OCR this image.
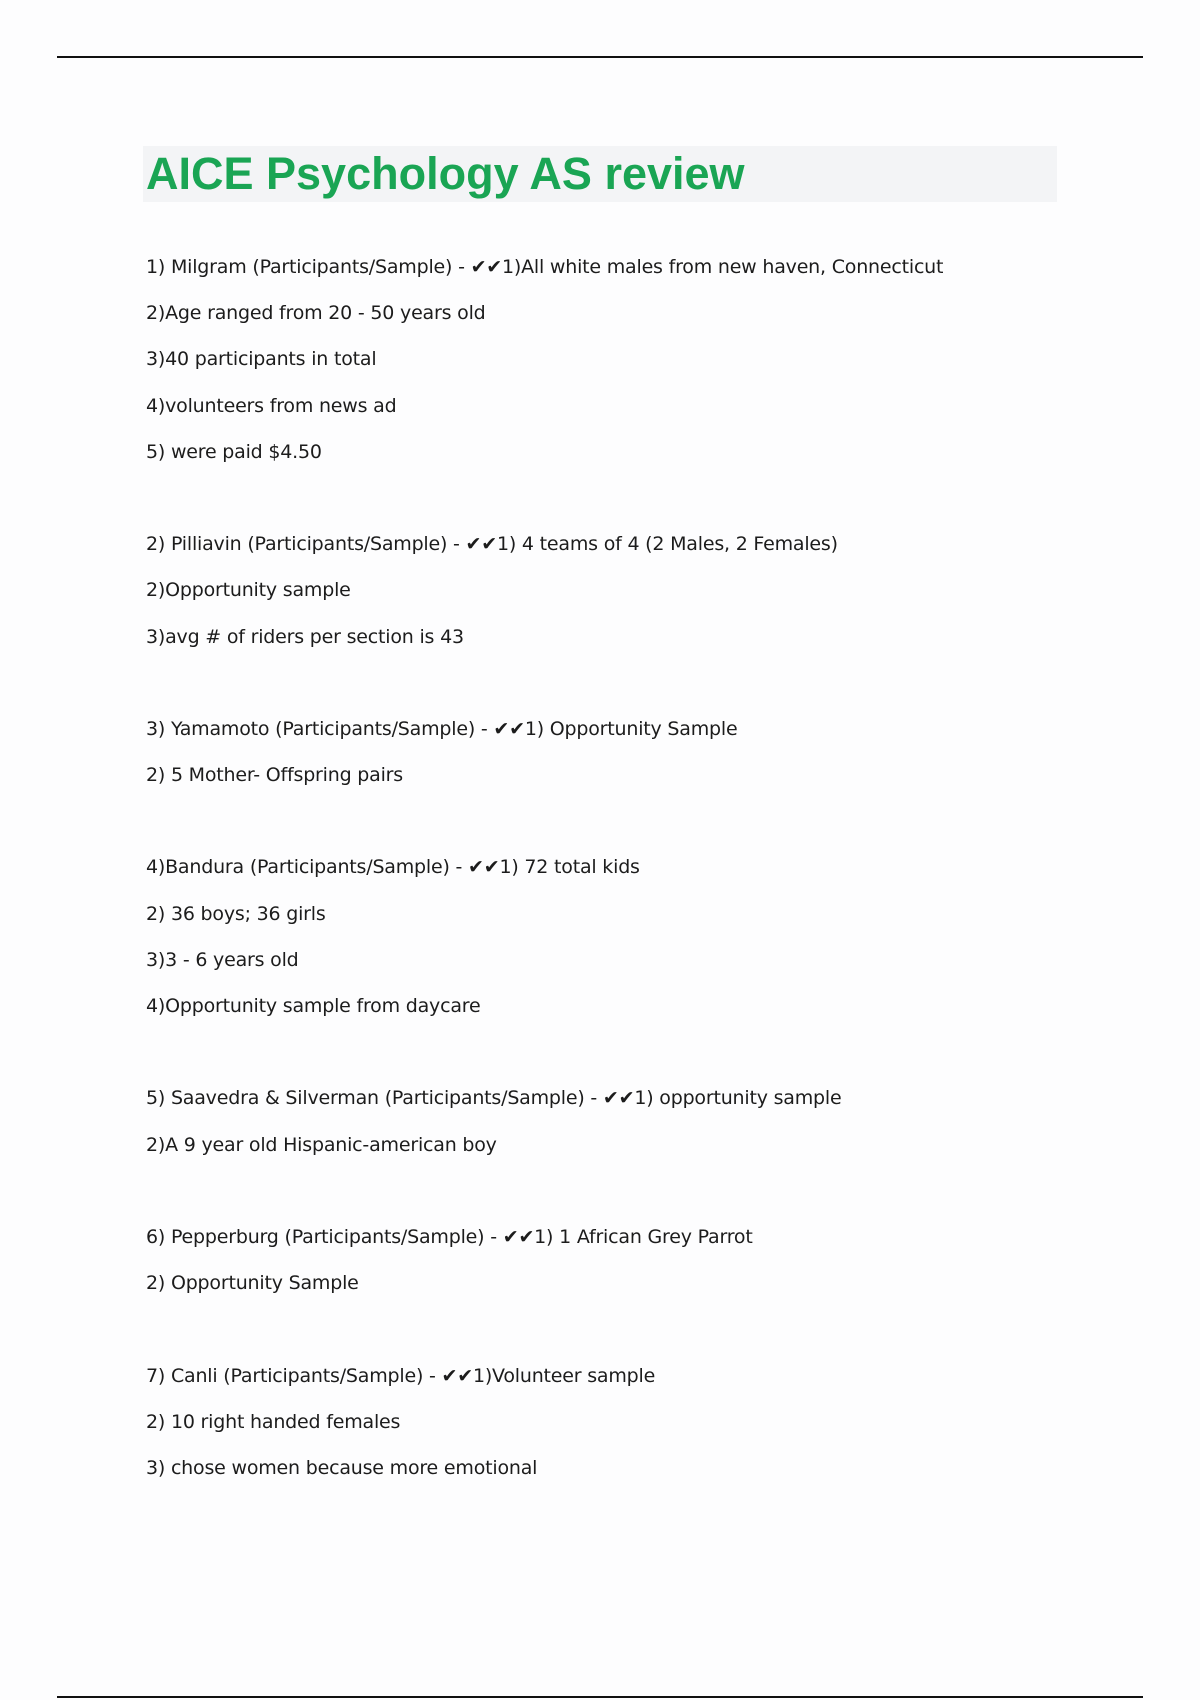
AICE Psychology AS review
1) Milgram (Participants/Sample) - ✔✔1)All white males from new haven, Connecticut
2)Age ranged from 20 - 50 years old
3)40 participants in total
4)volunteers from news ad
5) were paid $4.50
2) Pilliavin (Participants/Sample) - ✔✔1) 4 teams of 4 (2 Males, 2 Females)
2)Opportunity sample
3)avg # of riders per section is 43
3) Yamamoto (Participants/Sample) - ✔✔1) Opportunity Sample
2) 5 Mother- Offspring pairs
4)Bandura (Participants/Sample) - ✔✔1) 72 total kids
2) 36 boys; 36 girls
3)3 - 6 years old
4)Opportunity sample from daycare
5) Saavedra & Silverman (Participants/Sample) - ✔✔1) opportunity sample
2)A 9 year old Hispanic-american boy
6) Pepperburg (Participants/Sample) - ✔✔1) 1 African Grey Parrot
2) Opportunity Sample
7) Canli (Participants/Sample) - ✔✔1)Volunteer sample
2) 10 right handed females
3) chose women because more emotional
